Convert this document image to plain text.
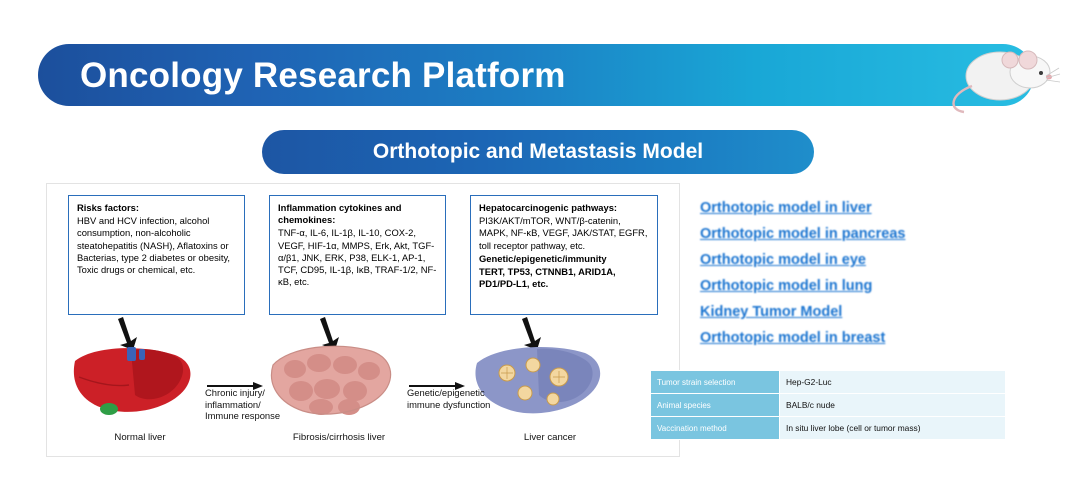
Oncology Research Platform
Orthotopic and Metastasis Model
Risks factors:
HBV and HCV infection, alcohol consumption, non-alcoholic steatohepatitis (NASH), Aflatoxins or Bacterias, type 2 diabetes or obesity, Toxic drugs or chemical, etc.
Inflammation cytokines and chemokines:
TNF-α, IL-6, IL-1β, IL-10, COX-2, VEGF, HIF-1α, MMPS, Erk, Akt, TGF-α/β1, JNK, ERK, P38, ELK-1, AP-1, TCF, CD95, IL-1β, IκB, TRAF-1/2, NF-κB, etc.
Hepatocarcinogenic pathways:
PI3K/AKT/mTOR, WNT/β-catenin, MAPK, NF-κB, VEGF, JAK/STAT, EGFR, toll receptor pathway, etc.
Genetic/epigenetic/immunity
TERT, TP53, CTNNB1, ARID1A, PD1/PD-L1, etc.
Chronic injury/ inflammation/ Immune response
Genetic/epigenetic immune dysfunction
Normal liver	Fibrosis/cirrhosis liver	Liver cancer
Orthotopic model in liver
Orthotopic model in pancreas
Orthotopic model in eye
Orthotopic model in lung
Kidney Tumor Model
Orthotopic model in breast
Tumor strain selection	Hep-G2-Luc
Animal species	BALB/c nude
Vaccination method	In situ liver lobe (cell or tumor mass)
